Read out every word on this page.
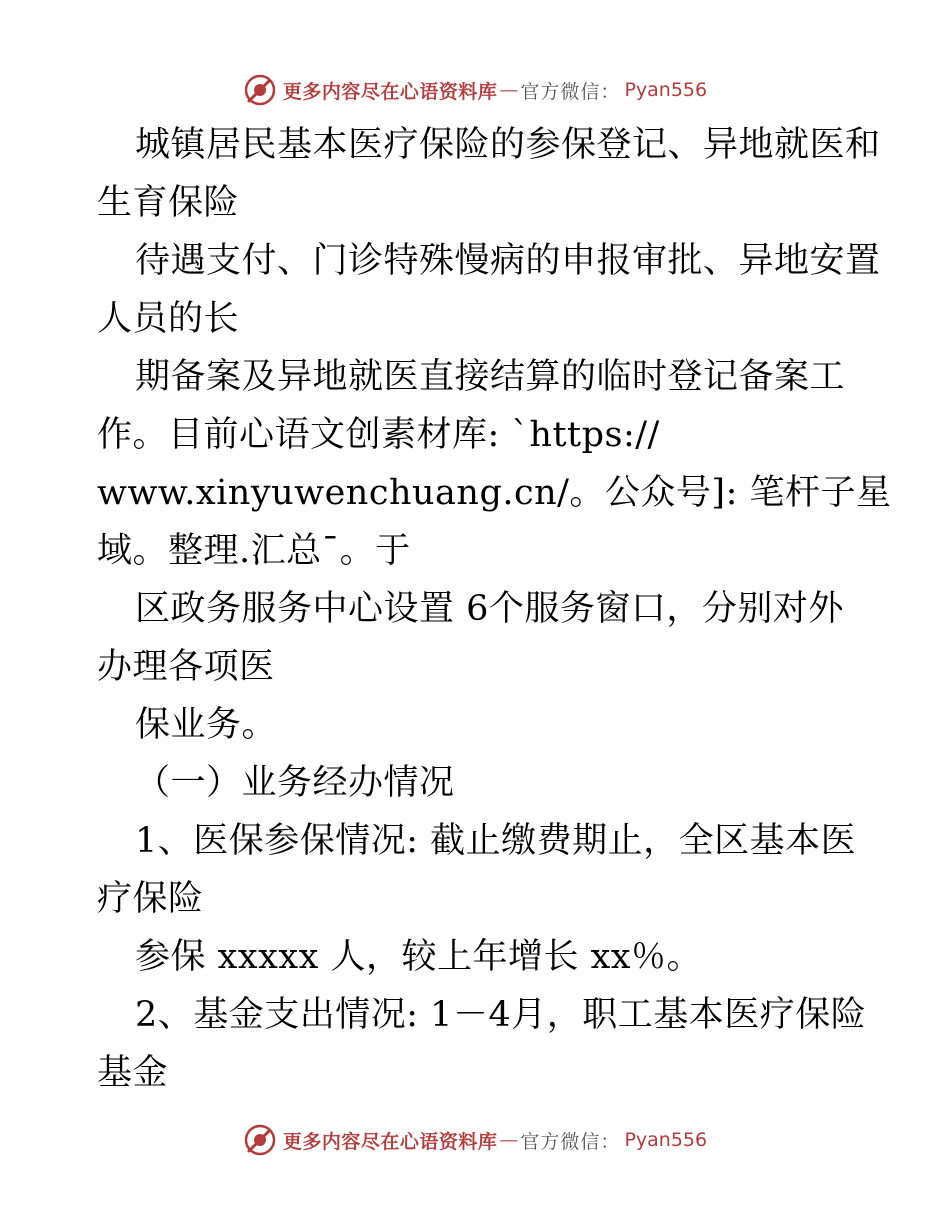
更多内容尽在心语资料库 — 官方微信： Pyan556
城镇居民基本医疗保险的参保登记、异地就医和
生育保险
待遇支付、门诊特殊慢病的申报审批、异地安置
人员的长
期备案及异地就医直接结算的临时登记备案工
作。目前心语文创素材库: `https://
www.xinyuwenchuang.cn/。公众号]: 笔杆子星
域。整理.汇总¯。于
区政务服务中心设置 6个服务窗口，分别对外
办理各项医
保业务。
（一）业务经办情况
1、医保参保情况: 截止缴费期止，全区基本医
疗保险
参保 xxxxx 人，较上年增长 xx％。
2、基金支出情况: 1－4月，职工基本医疗保险
基金
更多内容尽在心语资料库 — 官方微信： Pyan556
